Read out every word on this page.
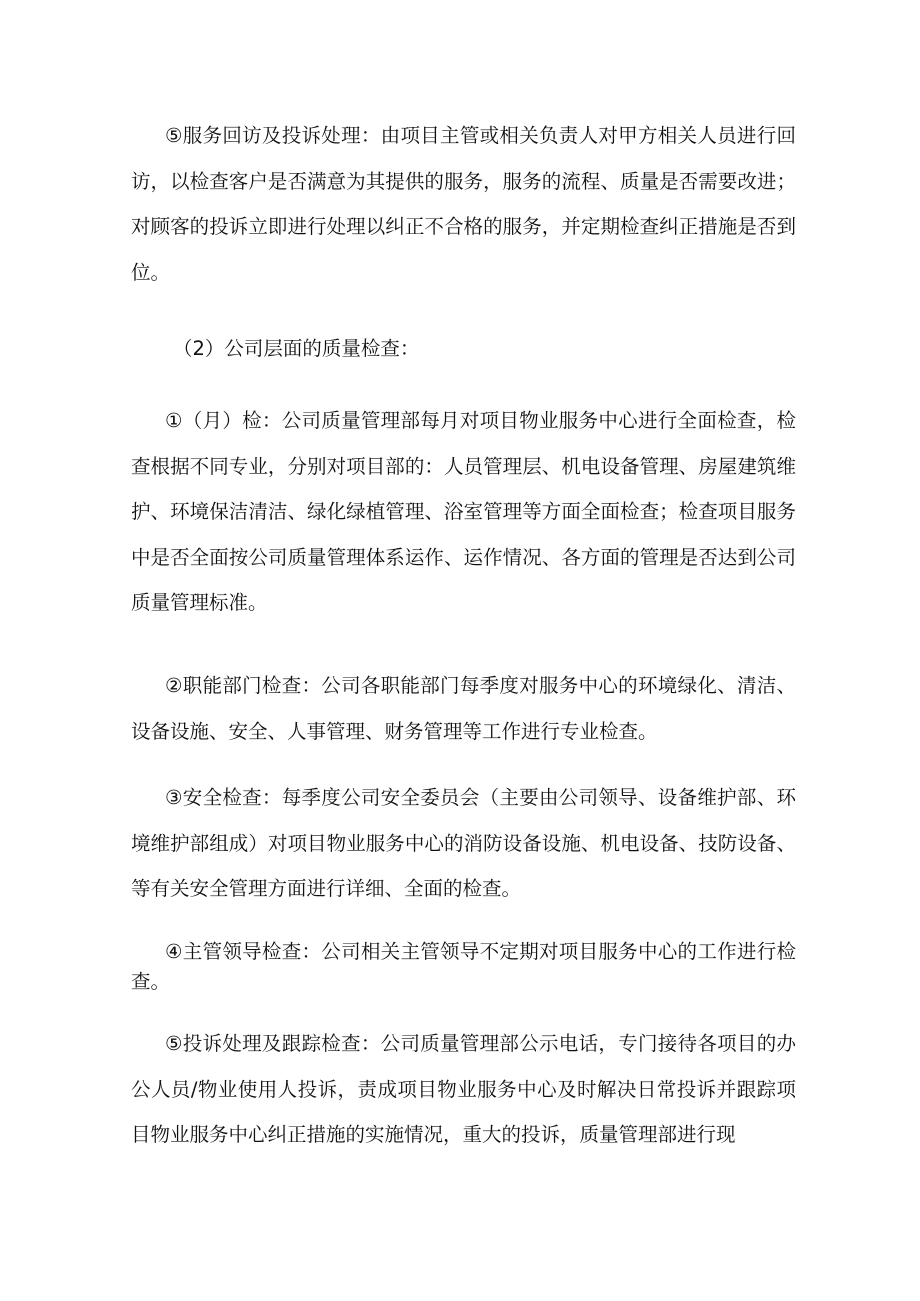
⑤服务回访及投诉处理：由项目主管或相关负责人对甲方相关人员进行回访，以检查客户是否满意为其提供的服务，服务的流程、质量是否需要改进；对顾客的投诉立即进行处理以纠正不合格的服务，并定期检查纠正措施是否到位。

（2）公司层面的质量检查：

①（月）检：公司质量管理部每月对项目物业服务中心进行全面检查，检查根据不同专业，分别对项目部的：人员管理层、机电设备管理、房屋建筑维护、环境保洁清洁、绿化绿植管理、浴室管理等方面全面检查；检查项目服务中是否全面按公司质量管理体系运作、运作情况、各方面的管理是否达到公司质量管理标准。

②职能部门检查：公司各职能部门每季度对服务中心的环境绿化、清洁、设备设施、安全、人事管理、财务管理等工作进行专业检查。

③安全检查：每季度公司安全委员会（主要由公司领导、设备维护部、环境维护部组成）对项目物业服务中心的消防设备设施、机电设备、技防设备、等有关安全管理方面进行详细、全面的检查。

④主管领导检查：公司相关主管领导不定期对项目服务中心的工作进行检查。

⑤投诉处理及跟踪检查：公司质量管理部公示电话，专门接待各项目的办公人员/物业使用人投诉，责成项目物业服务中心及时解决日常投诉并跟踪项目物业服务中心纠正措施的实施情况，重大的投诉，质量管理部进行现
